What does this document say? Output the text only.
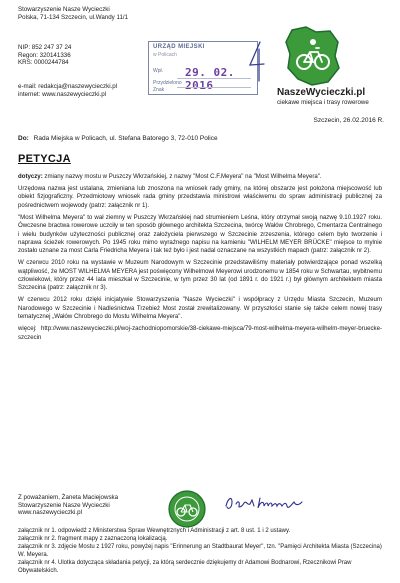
Stowarzyszenie Nasze Wycieczki
Polska, 71-134 Szczecin, ul.Wandy 11/1
NIP: 852 247 37 24
Regon: 320141336
KRS: 0000244784
e-mail: redakcja@naszewycieczki.pl
internet: www.naszewycieczki.pl
URZĄD MIEJSKI
w Policach
Wpł. 29. 02. 2016
Przydzielono
Znak	NaszeWycieczki.pl
ciekawe miejsca i trasy rowerowe
Szczecin, 26.02.2016 R.
Do: Rada Miejska w Policach, ul. Stefana Batorego 3, 72-010 Police
PETYCJA

dotyczy: zmiany nazwy mostu w Puszczy Wkrzańskiej, z nazwy "Most C.F.Meyera" na "Most Wilhelma Meyera".

Urzędowa nazwa jest ustalana, zmieniana lub znoszona na wniosek rady gminy, na której obszarze jest położona miejscowość lub obiekt fizjograficzny. Przedmiotowy wniosek rada gminy przedstawia ministrowi właściwemu do spraw administracji publicznej za pośrednictwem wojewody (patrz: załącznik nr 1).

"Most Wilhelma Meyera" to wał ziemny w Puszczy Wkrzańskiej nad strumieniem Leśna, który otrzymał swoją nazwę 9.10.1927 roku. Ówczesne bractwa rowerowe uczciły w ten sposób głównego architekta Szczecina, twórcę Wałów Chrobrego, Cmentarza Centralnego i wielu budynków użyteczności publicznej oraz założyciela pierwszego w Szczecinie zrzeszenia, którego celem było tworzenie i naprawa ścieżek rowerowych. Po 1945 roku mimo wyraźnego napisu na kamieniu "WILHELM MEYER BRÜCKE" miejsce to mylnie zostało uznane za most Carla Friedricha Meyera i tak też było i jest nadal oznaczane na wszystkich mapach (patrz: załącznik nr 2).

W czerwcu 2010 roku na wystawie w Muzeum Narodowym w Szczecinie przedstawiliśmy materiały potwierdzające ponad wszelką wątpliwość, że MOST WILHELMA MEYERA jest poświęcony Wilhelmowi Meyerowi urodzonemu w 1854 roku w Schwartau, wybitnemu człowiekowi, który przez 44 lata mieszkał w Szczecinie, w tym przez 30 lat (od 1891 r. do 1921 r.) był głównym architektem miasta Szczecina (patrz: załącznik nr 3).

W czerwcu 2012 roku dzięki inicjatywie Stowarzyszenia "Nasze Wycieczki" i współpracy z Urzędu Miasta Szczecin, Muzeum Narodowego w Szczecinie i Nadleśnictwa Trzebież Most został zrewitalizowany. W przyszłości stanie się także celem nowej trasy tematycznej „Wałów Chrobrego do Mostu Wilhelma Meyera".

więcej: http://www.naszewycieczki.pl/woj-zachodniopomorskie/38-ciekawe-miejsca/79-most-wilhelma-meyera-wilhelm-meyer-bruecke-szczecin

Z poważaniem, Żaneta Maciejowska
Stowarzyszenie Nasze Wycieczki
www.naszewycieczki.pl
załącznik nr 1. odpowiedź z Ministerstwa Spraw Wewnętrznych i Administracji z art. 8 ust. 1 i 2 ustawy.
załącznik nr 2. fragment mapy z zaznaczoną lokalizacją.
załącznik nr 3. zdjęcie Mostu z 1927 roku, powyżej napis "Erinnerung an Stadtbaurat Meyer", tzn. "Pamięci Architekta Miasta (Szczecina) W. Meyera.
załącznik nr 4. Ulotka dotycząca składania petycji, za którą serdecznie dziękujemy dr Adamowi Bodnarowi, Rzecznikowi Praw Obywatelskich.
